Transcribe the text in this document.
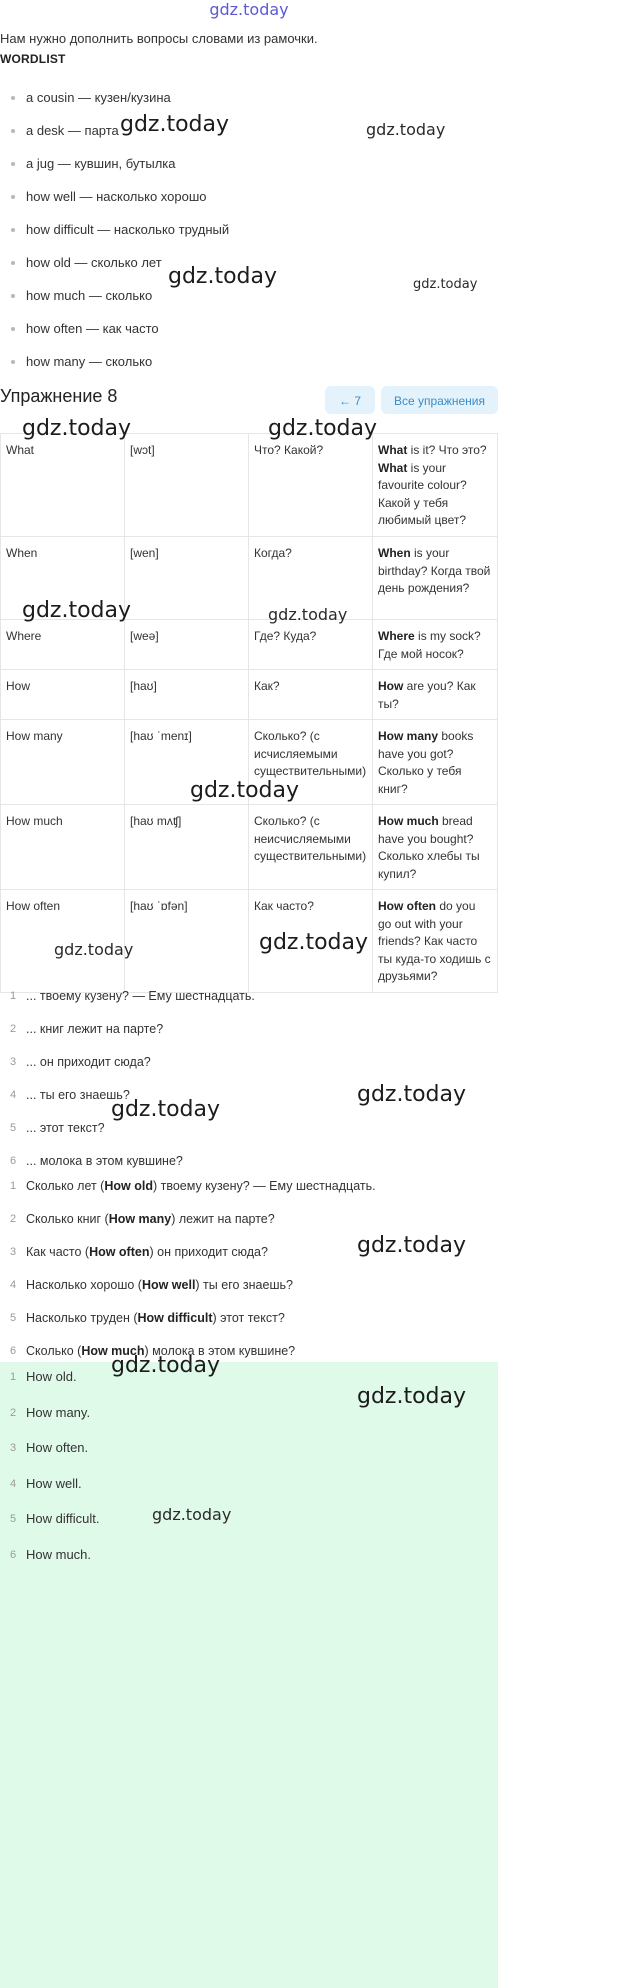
gdz.today
Нам нужно дополнить вопросы словами из рамочки.
WORDLIST
a cousin — кузен/кузина
a desk — парта
a jug — кувшин, бутылка
how well — насколько хорошо
how difficult — насколько трудный
how old — сколько лет
how much — сколько
how often — как часто
how many — сколько
Упражнение 8	← 7	Все упражнения
What	[wɔt]	Что? Какой?	What is it? Что это?
What is your favourite colour? Какой у тебя любимый цвет?
When	[wen]	Когда?	When is your birthday? Когда твой день рождения?
Where	[weə]	Где? Куда?	Where is my sock? Где мой носок?
How	[haʊ]	Как?	How are you? Как ты?
How many	[haʊ ˈmenɪ]	Сколько? (с исчисляемыми существительными)	How many books have you got? Сколько у тебя книг?
How much	[haʊ mʌʧ]	Сколько? (с неисчисляемыми существительными)	How much bread have you bought? Сколько хлебы ты купил?
How often	[haʊ ˈɒfən]	Как часто?	How often do you go out with your friends? Как часто ты куда-то ходишь с друзьями?
1 ... твоему кузену? — Ему шестнадцать.
2 ... книг лежит на парте?
3 ... он приходит сюда?
4 ... ты его знаешь?
5 ... этот текст?
6 ... молока в этом кувшине?
1 Сколько лет (How old) твоему кузену? — Ему шестнадцать.
2 Сколько книг (How many) лежит на парте?
3 Как часто (How often) он приходит сюда?
4 Насколько хорошо (How well) ты его знаешь?
5 Насколько труден (How difficult) этот текст?
6 Сколько (How much) молока в этом кувшине?
1 How old.
2 How many.
3 How often.
4 How well.
5 How difficult.
6 How much.
gdz.today	gdz.today
gdz.today	gdz.today
gdz.today	gdz.today
gdz.today	gdz.today
gdz.today
gdz.today	gdz.today
gdz.today
gdz.today
gdz.today
gdz.today
gdz.today
gdz.today
